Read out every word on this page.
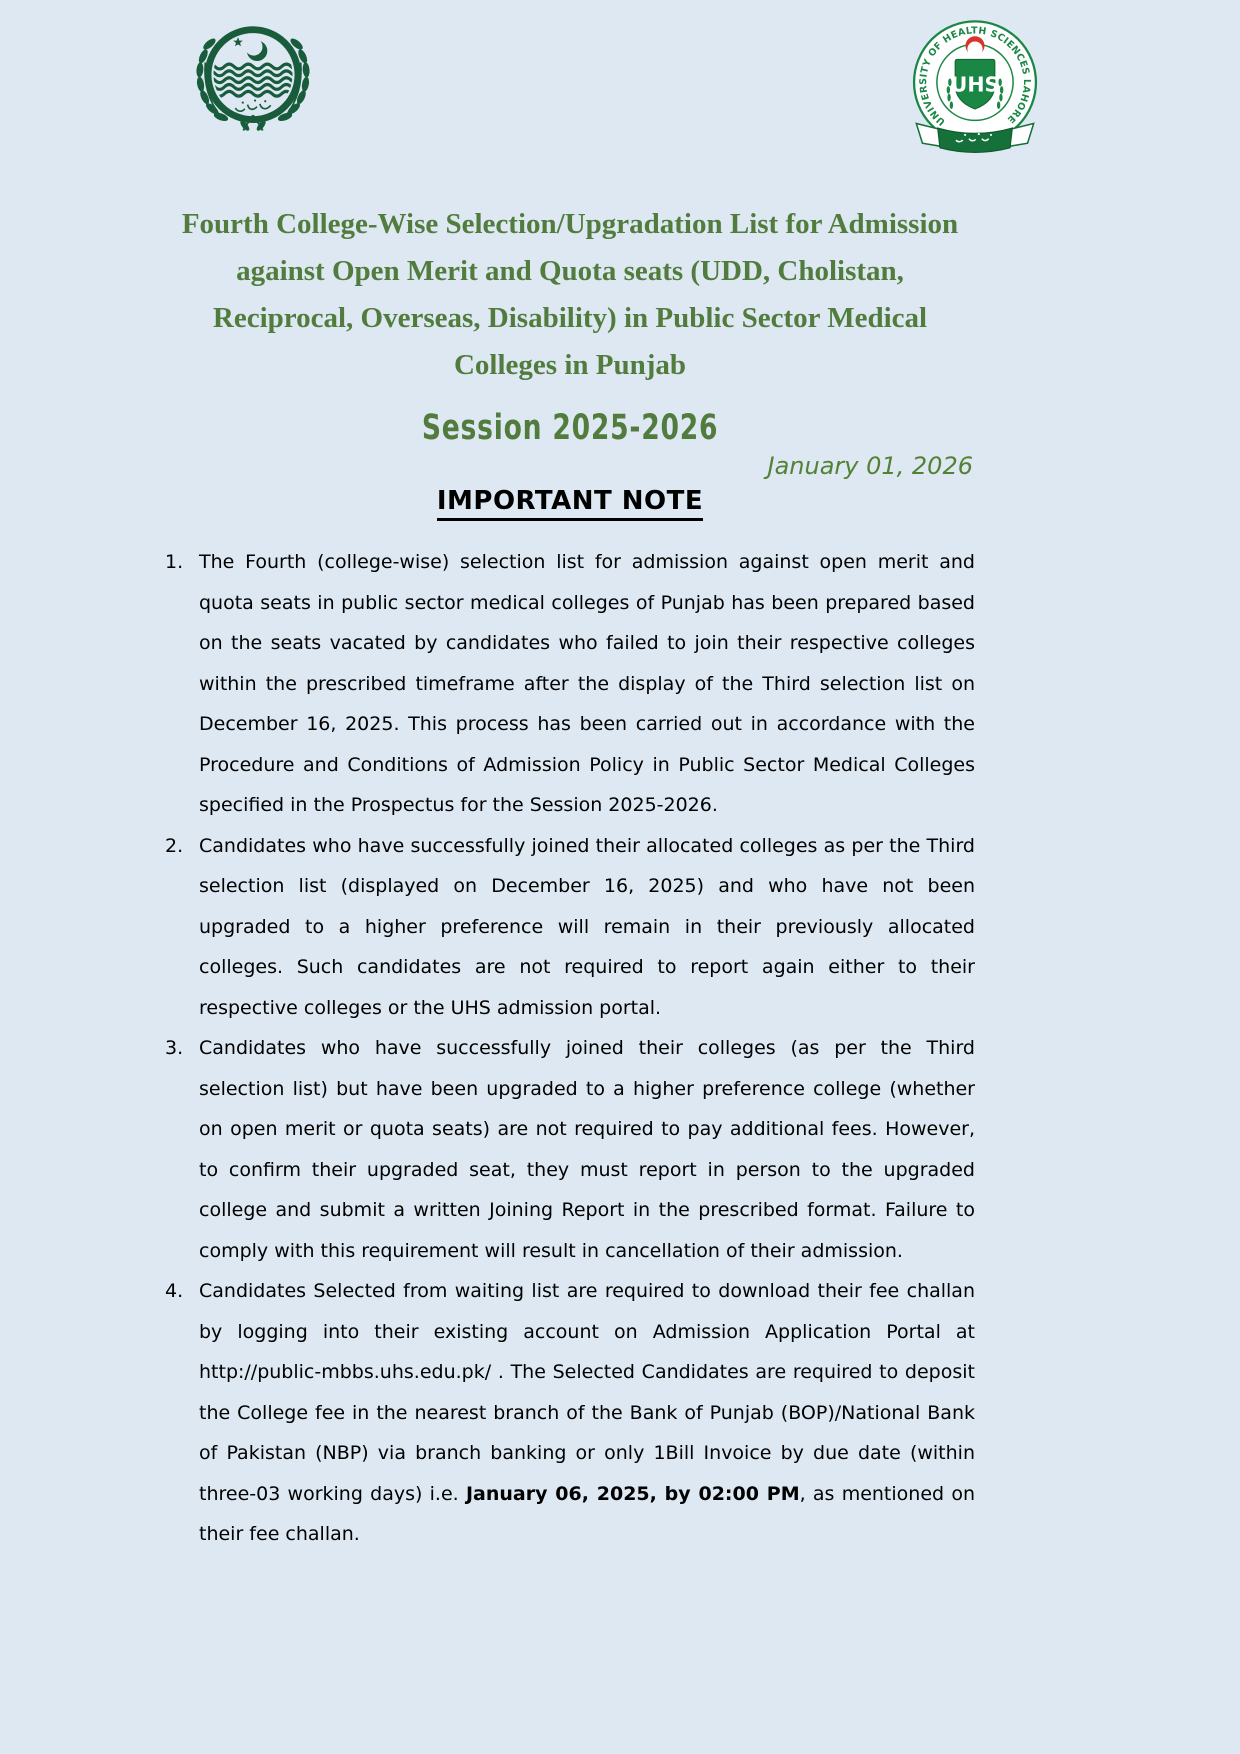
UNIVERSITY OF HEALTH SCIENCES LAHORE
UHS
Fourth College-Wise Selection/Upgradation List for Admission against Open Merit and Quota seats (UDD, Cholistan, Reciprocal, Overseas, Disability) in Public Sector Medical Colleges in Punjab
Session 2025-2026
January 01, 2026
IMPORTANT NOTE
1. The Fourth (college-wise) selection list for admission against open merit and quota seats in public sector medical colleges of Punjab has been prepared based on the seats vacated by candidates who failed to join their respective colleges within the prescribed timeframe after the display of the Third selection list on December 16, 2025. This process has been carried out in accordance with the Procedure and Conditions of Admission Policy in Public Sector Medical Colleges specified in the Prospectus for the Session 2025-2026.
2. Candidates who have successfully joined their allocated colleges as per the Third selection list (displayed on December 16, 2025) and who have not been upgraded to a higher preference will remain in their previously allocated colleges. Such candidates are not required to report again either to their respective colleges or the UHS admission portal.
3. Candidates who have successfully joined their colleges (as per the Third selection list) but have been upgraded to a higher preference college (whether on open merit or quota seats) are not required to pay additional fees. However, to confirm their upgraded seat, they must report in person to the upgraded college and submit a written Joining Report in the prescribed format. Failure to comply with this requirement will result in cancellation of their admission.
4. Candidates Selected from waiting list are required to download their fee challan by logging into their existing account on Admission Application Portal at http://public-mbbs.uhs.edu.pk/ . The Selected Candidates are required to deposit the College fee in the nearest branch of the Bank of Punjab (BOP)/National Bank of Pakistan (NBP) via branch banking or only 1Bill Invoice by due date (within three-03 working days) i.e. January 06, 2025, by 02:00 PM, as mentioned on their fee challan.
